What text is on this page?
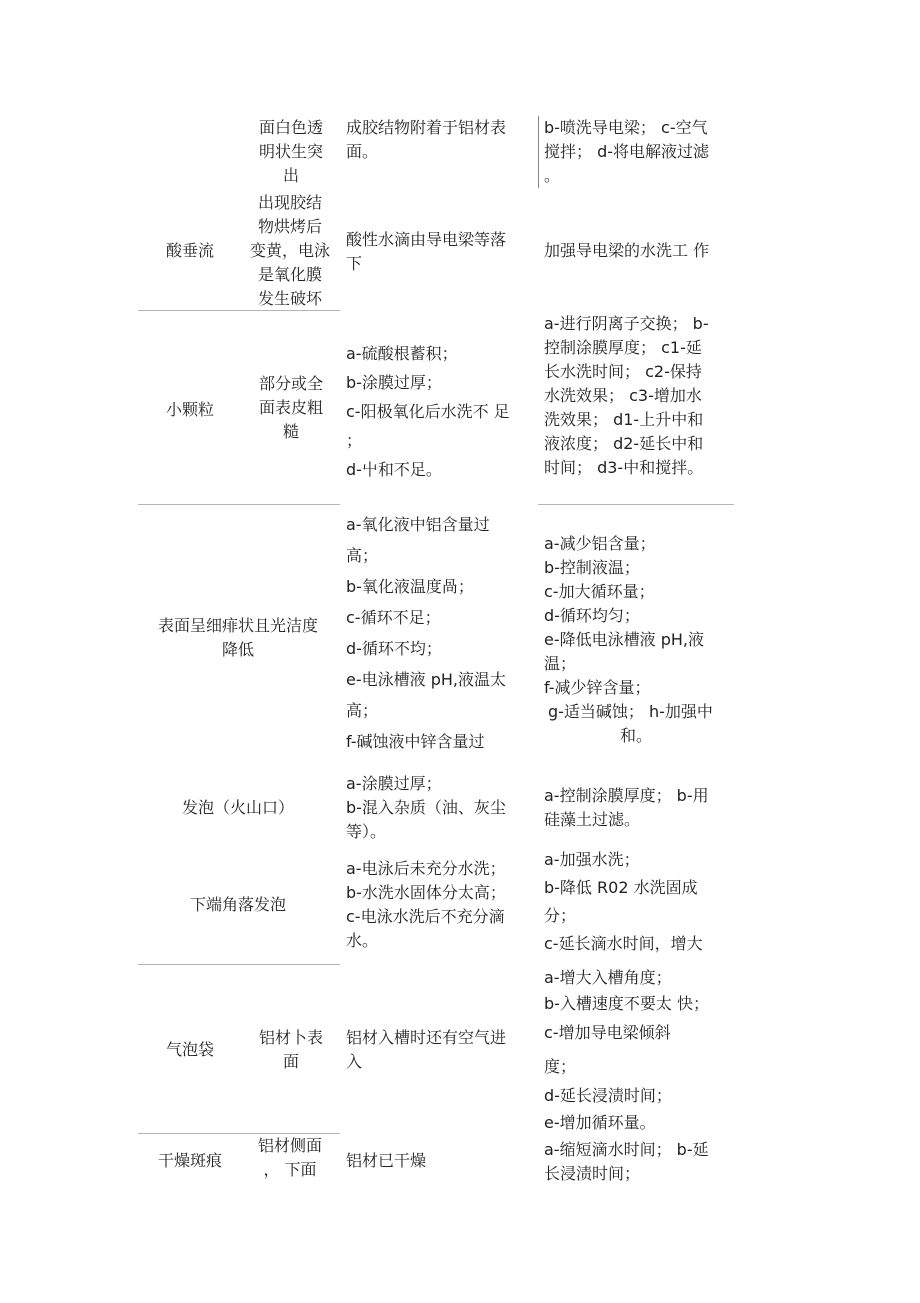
面白色透
明状生突
出
成胶结物附着于铝材表
面。
b-喷洗导电梁； c-空气
搅拌； d-将电解液过滤
。
酸垂流
出现胶结
物烘烤后
变黄，电泳
是氧化膜
发生破坏
酸性水滴由导电梁等落
下
加强导电梁的水洗工 作
小颗粒
部分或全
面表皮粗
糙
a-硫酸根蓄积；
b-涂膜过厚；
c-阳极氧化后水洗不 足
；
d-屮和不足。
a-进行阴离子交换； b-
控制涂膜厚度； c1-延
长水洗时间； c2-保持
水洗效果； c3-增加水
洗效果； d1-上升中和
液浓度； d2-延长中和
时间； d3-中和搅拌。
表面呈细痱状且光洁度
降低
a-氧化液中铝含量过
高；
b-氧化液温度咼；
c-循环不足；
d-循环不均；
e-电泳槽液 pH,液温太
高；
f-碱蚀液中锌含量过
a-减少铝含量；
b-控制液温；
c-加大循环量；
d-循环均匀；
e-降低电泳槽液 pH,液
温；
f-减少锌含量；
g-适当碱蚀； h-加强中
和。
发泡（火山口）
a-涂膜过厚；
b-混入杂质（油、灰尘
等）。
a-控制涂膜厚度； b-用
硅藻土过滤。
下端角落发泡
a-电泳后未充分水洗；
b-水洗水固体分太高；
c-电泳水洗后不充分滴
水。
a-加强水洗；
b-降低 R02 水洗固成
分；
c-延长滴水时间，增大
气泡袋
铝材卜表
面
铝材入槽时还有空气进
入
a-增大入槽角度；
b-入槽速度不要太 快；
c-增加导电梁倾斜
度；
d-延长浸渍时间；
e-增加循环量。
干燥斑痕
铝材侧面
， 下面	铝材已干燥
a-缩短滴水时间； b-延
长浸渍时间；
